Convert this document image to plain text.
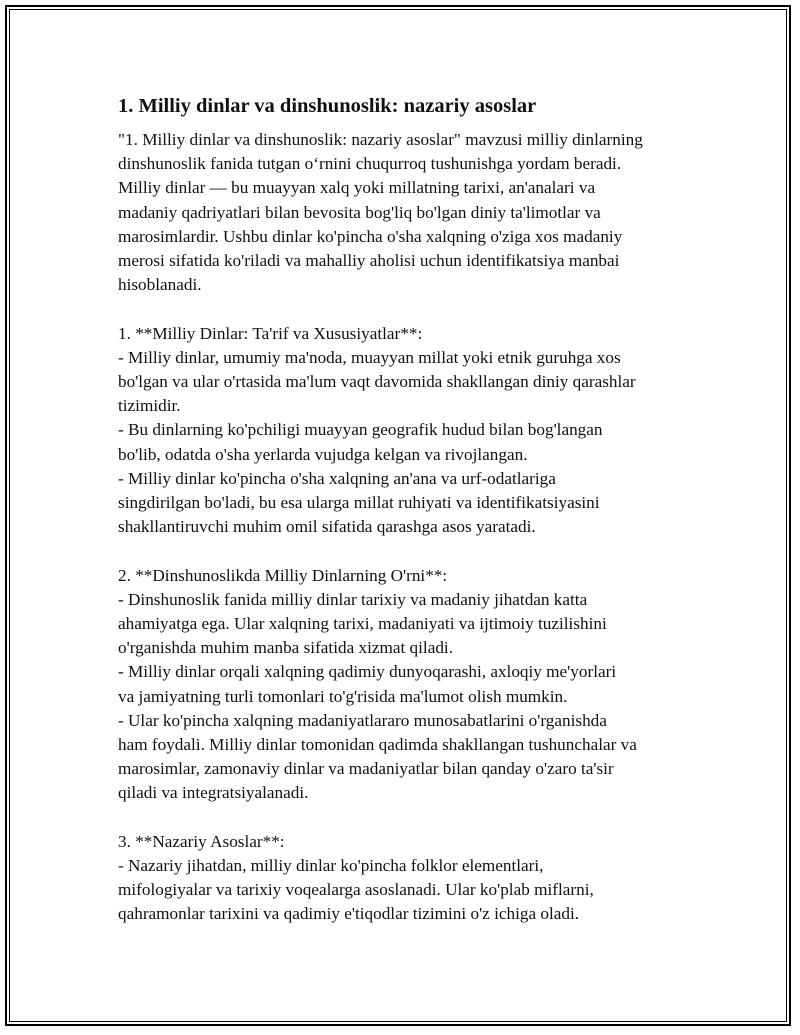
1. Milliy dinlar va dinshunoslik: nazariy asoslar

"1. Milliy dinlar va dinshunoslik: nazariy asoslar" mavzusi milliy dinlarning
dinshunoslik fanida tutgan o‘rnini chuqurroq tushunishga yordam beradi.
Milliy dinlar — bu muayyan xalq yoki millatning tarixi, an'analari va
madaniy qadriyatlari bilan bevosita bog'liq bo'lgan diniy ta'limotlar va
marosimlardir. Ushbu dinlar ko'pincha o'sha xalqning o'ziga xos madaniy
merosi sifatida ko'riladi va mahalliy aholisi uchun identifikatsiya manbai
hisoblanadi.

1. **Milliy Dinlar: Ta'rif va Xususiyatlar**:

- Milliy dinlar, umumiy ma'noda, muayyan millat yoki etnik guruhga xos
bo'lgan va ular o'rtasida ma'lum vaqt davomida shakllangan diniy qarashlar
tizimidir.
- Bu dinlarning ko'pchiligi muayyan geografik hudud bilan bog'langan
bo'lib, odatda o'sha yerlarda vujudga kelgan va rivojlangan.
- Milliy dinlar ko'pincha o'sha xalqning an'ana va urf-odatlariga
singdirilgan bo'ladi, bu esa ularga millat ruhiyati va identifikatsiyasini
shakllantiruvchi muhim omil sifatida qarashga asos yaratadi.

2. **Dinshunoslikda Milliy Dinlarning O'rni**:

- Dinshunoslik fanida milliy dinlar tarixiy va madaniy jihatdan katta
ahamiyatga ega. Ular xalqning tarixi, madaniyati va ijtimoiy tuzilishini
o'rganishda muhim manba sifatida xizmat qiladi.
- Milliy dinlar orqali xalqning qadimiy dunyoqarashi, axloqiy me'yorlari
va jamiyatning turli tomonlari to'g'risida ma'lumot olish mumkin.
- Ular ko'pincha xalqning madaniyatlararo munosabatlarini o'rganishda
ham foydali. Milliy dinlar tomonidan qadimda shakllangan tushunchalar va
marosimlar, zamonaviy dinlar va madaniyatlar bilan qanday o'zaro ta'sir
qiladi va integratsiyalanadi.

3. **Nazariy Asoslar**:

- Nazariy jihatdan, milliy dinlar ko'pincha folklor elementlari,
mifologiyalar va tarixiy voqealarga asoslanadi. Ular ko'plab miflarni,
qahramonlar tarixini va qadimiy e'tiqodlar tizimini o'z ichiga oladi.
